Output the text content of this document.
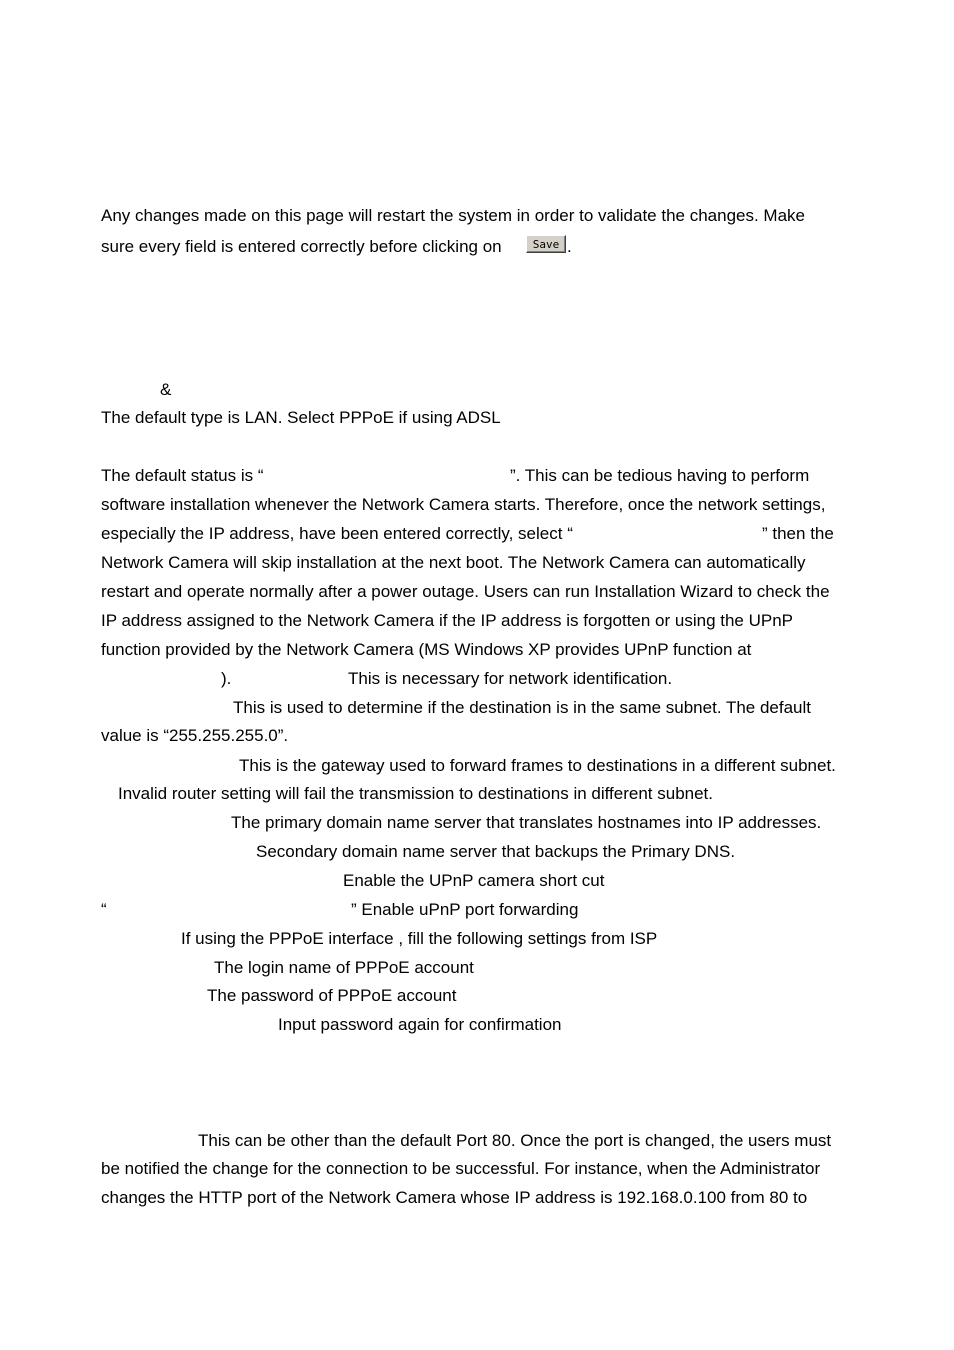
Any changes made on this page will restart the system in order to validate the changes. Make
sure every field is entered correctly before clicking on	Save .
&
The default type is LAN. Select PPPoE if using ADSL
The default status is “	”. This can be tedious having to perform
software installation whenever the Network Camera starts. Therefore, once the network settings,
especially the IP address, have been entered correctly, select “	” then the
Network Camera will skip installation at the next boot. The Network Camera can automatically
restart and operate normally after a power outage. Users can run Installation Wizard to check the
IP address assigned to the Network Camera if the IP address is forgotten or using the UPnP
function provided by the Network Camera (MS Windows XP provides UPnP function at
).	This is necessary for network identification.
This is used to determine if the destination is in the same subnet. The default
value is “255.255.255.0”.
This is the gateway used to forward frames to destinations in a different subnet.
Invalid router setting will fail the transmission to destinations in different subnet.
The primary domain name server that translates hostnames into IP addresses.
Secondary domain name server that backups the Primary DNS.
Enable the UPnP camera short cut
“	” Enable uPnP port forwarding
If using the PPPoE interface , fill the following settings from ISP
The login name of PPPoE account
The password of PPPoE account
Input password again for confirmation
This can be other than the default Port 80. Once the port is changed, the users must
be notified the change for the connection to be successful. For instance, when the Administrator
changes the HTTP port of the Network Camera whose IP address is 192.168.0.100 from 80 to
